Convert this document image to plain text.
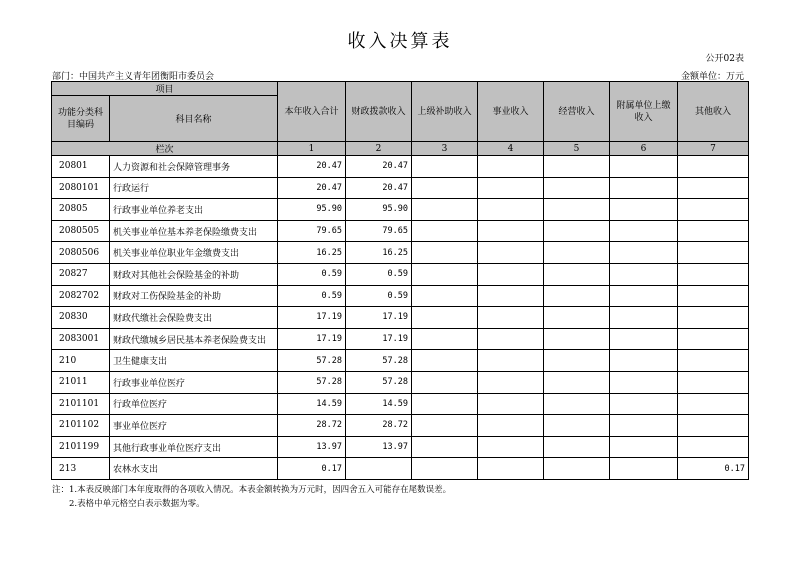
收入决算表
公开02表
部门：中国共产主义青年团衡阳市委员会	金额单位：万元
项目		本年收入合计	财政拨款收入	上级补助收入	事业收入	经营收入	附属单位上缴收入	其他收入
功能分类科目编码	科目名称							
栏次		1	2	3	4	5	6	7
20801	人力资源和社会保障管理事务	20.47	20.47					
2080101	行政运行	20.47	20.47					
20805	行政事业单位养老支出	95.90	95.90					
2080505	机关事业单位基本养老保险缴费支出	79.65	79.65					
2080506	机关事业单位职业年金缴费支出	16.25	16.25					
20827	财政对其他社会保险基金的补助	0.59	0.59					
2082702	财政对工伤保险基金的补助	0.59	0.59					
20830	财政代缴社会保险费支出	17.19	17.19					
2083001	财政代缴城乡居民基本养老保险费支出	17.19	17.19					
210	卫生健康支出	57.28	57.28					
21011	行政事业单位医疗	57.28	57.28					
2101101	行政单位医疗	14.59	14.59					
2101102	事业单位医疗	28.72	28.72					
2101199	其他行政事业单位医疗支出	13.97	13.97					
213	农林水支出	0.17						0.17
注：1.本表反映部门本年度取得的各项收入情况。本表金额转换为万元时，因四舍五入可能存在尾数误差。
2.表格中单元格空白表示数据为零。
